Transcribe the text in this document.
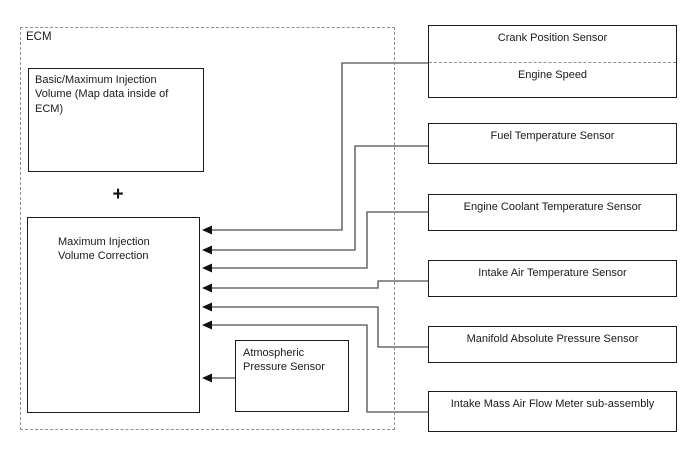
ECM
Basic/Maximum Injection Volume (Map data inside of ECM)
+
Maximum Injection Volume Correction
Atmospheric Pressure Sensor
Crank Position Sensor
Engine Speed
Fuel Temperature Sensor
Engine Coolant Temperature Sensor
Intake Air Temperature Sensor
Manifold Absolute Pressure Sensor
Intake Mass Air Flow Meter sub-assembly
